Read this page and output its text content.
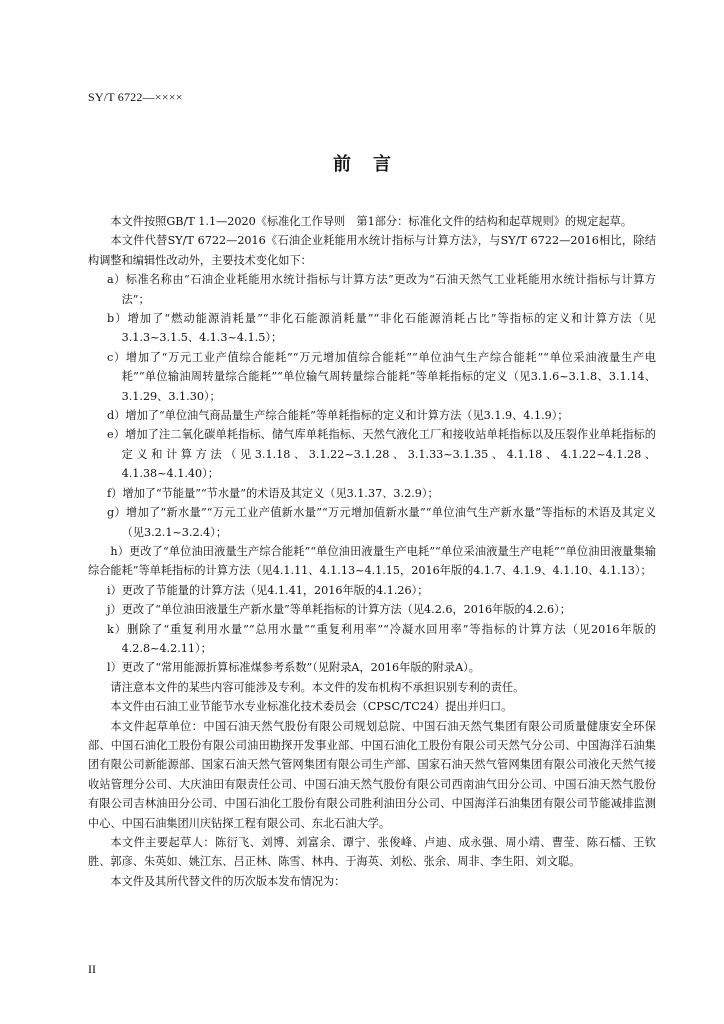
SY/T 6722—××××
前言

本文件按照GB/T 1.1—2020《标准化工作导则　第1部分：标准化文件的结构和起草规则》的规定起草。

本文件代替SY/T 6722—2016《石油企业耗能用水统计指标与计算方法》，与SY/T 6722—2016相比，除结构调整和编辑性改动外，主要技术变化如下：

a）标准名称由“石油企业耗能用水统计指标与计算方法”更改为“石油天然气工业耗能用水统计指标与计算方法”；

b）增加了“燃动能源消耗量”“非化石能源消耗量”“非化石能源消耗占比”等指标的定义和计算方法（见3.1.3~3.1.5、4.1.3~4.1.5）；

c）增加了“万元工业产值综合能耗”“万元增加值综合能耗”“单位油气生产综合能耗”“单位采油液量生产电耗”“单位输油周转量综合能耗”“单位输气周转量综合能耗”等单耗指标的定义（见3.1.6~3.1.8、3.1.14、3.1.29、3.1.30）；

d）增加了“单位油气商品量生产综合能耗”等单耗指标的定义和计算方法（见3.1.9、4.1.9）；

e）增加了注二氧化碳单耗指标、储气库单耗指标、天然气液化工厂和接收站单耗指标以及压裂作业单耗指标的定义和计算方法（见3.1.18、3.1.22~3.1.28、3.1.33~3.1.35、4.1.18、4.1.22~4.1.28、4.1.38~4.1.40）；

f）增加了“节能量”“节水量”的术语及其定义（见3.1.37、3.2.9）；

g）增加了“新水量”“万元工业产值新水量”“万元增加值新水量”“单位油气生产新水量”等指标的术语及其定义（见3.2.1~3.2.4）；

h）更改了“单位油田液量生产综合能耗”“单位油田液量生产电耗”“单位采油液量生产电耗”“单位油田液量集输综合能耗”等单耗指标的计算方法（见4.1.11、4.1.13~4.1.15，2016年版的4.1.7、4.1.9、4.1.10、4.1.13）；

i）更改了节能量的计算方法（见4.1.41，2016年版的4.1.26）；

j）更改了“单位油田液量生产新水量”等单耗指标的计算方法（见4.2.6，2016年版的4.2.6）；

k）删除了“重复利用水量”“总用水量”“重复利用率”“冷凝水回用率”等指标的计算方法（见2016年版的4.2.8~4.2.11）；

l）更改了“常用能源折算标准煤参考系数”（见附录A，2016年版的附录A）。

请注意本文件的某些内容可能涉及专利。本文件的发布机构不承担识别专利的责任。

本文件由石油工业节能节水专业标准化技术委员会（CPSC/TC24）提出并归口。

本文件起草单位：中国石油天然气股份有限公司规划总院、中国石油天然气集团有限公司质量健康安全环保部、中国石油化工股份有限公司油田勘探开发事业部、中国石油化工股份有限公司天然气分公司、中国海洋石油集团有限公司新能源部、国家石油天然气管网集团有限公司生产部、国家石油天然气管网集团有限公司液化天然气接收站管理分公司、大庆油田有限责任公司、中国石油天然气股份有限公司西南油气田分公司、中国石油天然气股份有限公司吉林油田分公司、中国石油化工股份有限公司胜利油田分公司、中国海洋石油集团有限公司节能减排监测中心、中国石油集团川庆钻探工程有限公司、东北石油大学。

本文件主要起草人：陈衍飞、刘博、刘富余、谭宁、张俊峰、卢迪、成永强、周小靖、曹莹、陈石檑、王钦胜、郭彦、朱英如、姚江东、吕正林、陈雪、林冉、于海英、刘松、张余、周非、李生阳、刘文聪。

本文件及其所代替文件的历次版本发布情况为：

II
